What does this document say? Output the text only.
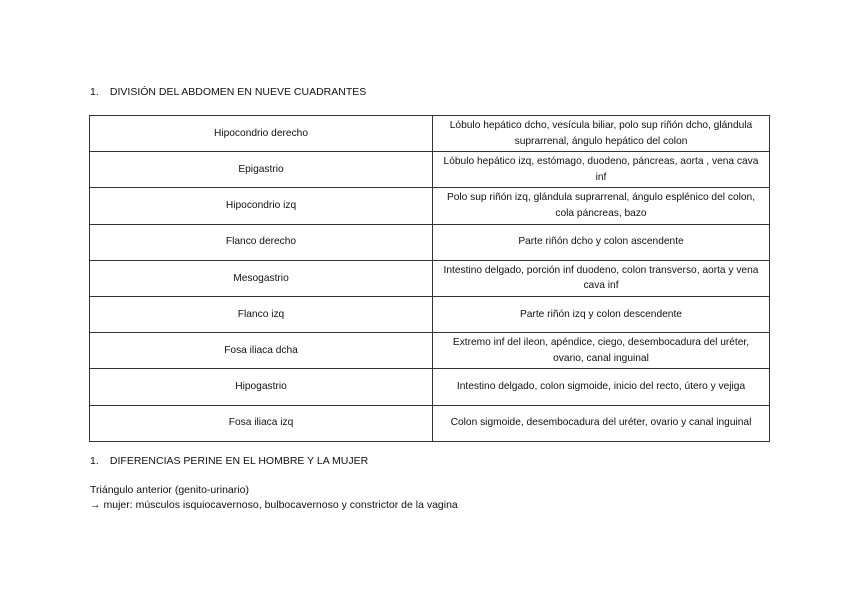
1. DIVISIÓN DEL ABDOMEN EN NUEVE CUADRANTES
Hipocondrio derecho	Lóbulo hepático dcho, vesícula biliar, polo sup riñón dcho, glándula suprarrenal, ángulo hepático del colon
Epigastrio	Lóbulo hepático izq, estómago, duodeno, páncreas, aorta , vena cava inf
Hipocondrio izq	Polo sup riñón izq, glándula suprarrenal, ángulo esplénico del colon, cola páncreas, bazo
Flanco derecho	Parte riñón dcho y colon ascendente
Mesogastrio	Intestino delgado, porción inf duodeno, colon transverso, aorta y vena cava inf
Flanco izq	Parte riñón izq y colon descendente
Fosa iliaca dcha	Extremo inf del ileon, apéndice, ciego, desembocadura del uréter, ovario, canal inguinal
Hipogastrio	Intestino delgado, colon sigmoide, inicio del recto, útero y vejiga
Fosa iliaca izq	Colon sigmoide, desembocadura del uréter, ovario y canal inguinal
1. DIFERENCIAS PERINE EN EL HOMBRE Y LA MUJER
Triángulo anterior (genito-urinario)
→ mujer: músculos isquiocavernoso, bulbocavernoso y constrictor de la vagina
